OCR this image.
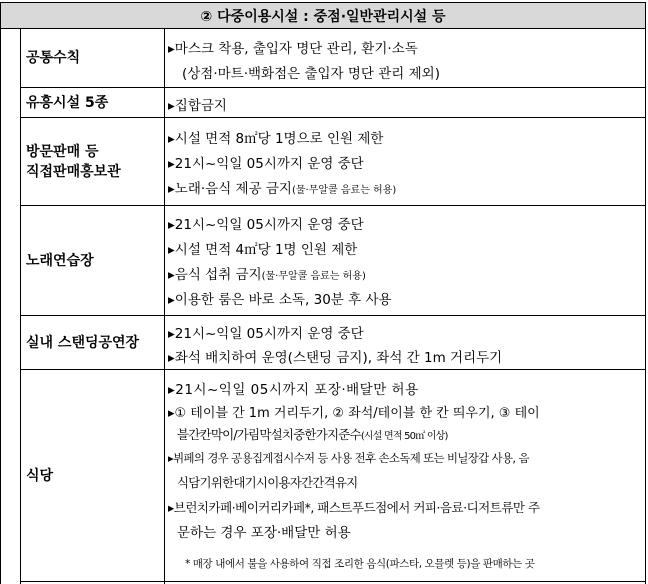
② 다중이용시설 : 중점·일반관리시설 등
공통수칙
▸마스크 착용, 출입자 명단 관리, 환기·소독
(상점·마트·백화점은 출입자 명단 관리 제외)
유흥시설 5종	▸집합금지
방문판매 등
직접판매홍보관
▸시설 면적 8㎡당 1명으로 인원 제한
▸21시~익일 05시까지 운영 중단
▸노래·음식 제공 금지(물·무알콜 음료는 허용)
노래연습장
▸21시~익일 05시까지 운영 중단
▸시설 면적 4㎡당 1명 인원 제한
▸음식 섭취 금지(물·무알콜 음료는 허용)
▸이용한 룸은 바로 소독, 30분 후 사용
실내 스탠딩공연장
▸21시~익일 05시까지 운영 중단
▸좌석 배치하여 운영(스탠딩 금지), 좌석 간 1m 거리두기
식당
▸21시~익일 05시까지 포장·배달만 허용
▸① 테이블 간 1m 거리두기, ② 좌석/테이블 한 칸 띄우기, ③ 테이
블간칸막이/가림막설치중한가지준수(시설 면적 50㎡ 이상)
▸뷔페의 경우 공용집게접시수저 등 사용 전후 손소독제 또는 비닐장갑 사용, 음
식담기위한대기시이용자간간격유지
▸브런치카페·베이커리카페*, 패스트푸드점에서 커피·음료·디저트류만 주
문하는 경우 포장·배달만 허용
* 매장 내에서 불을 사용하여 직접 조리한 음식(파스타, 오믈렛 등)을 판매하는 곳
